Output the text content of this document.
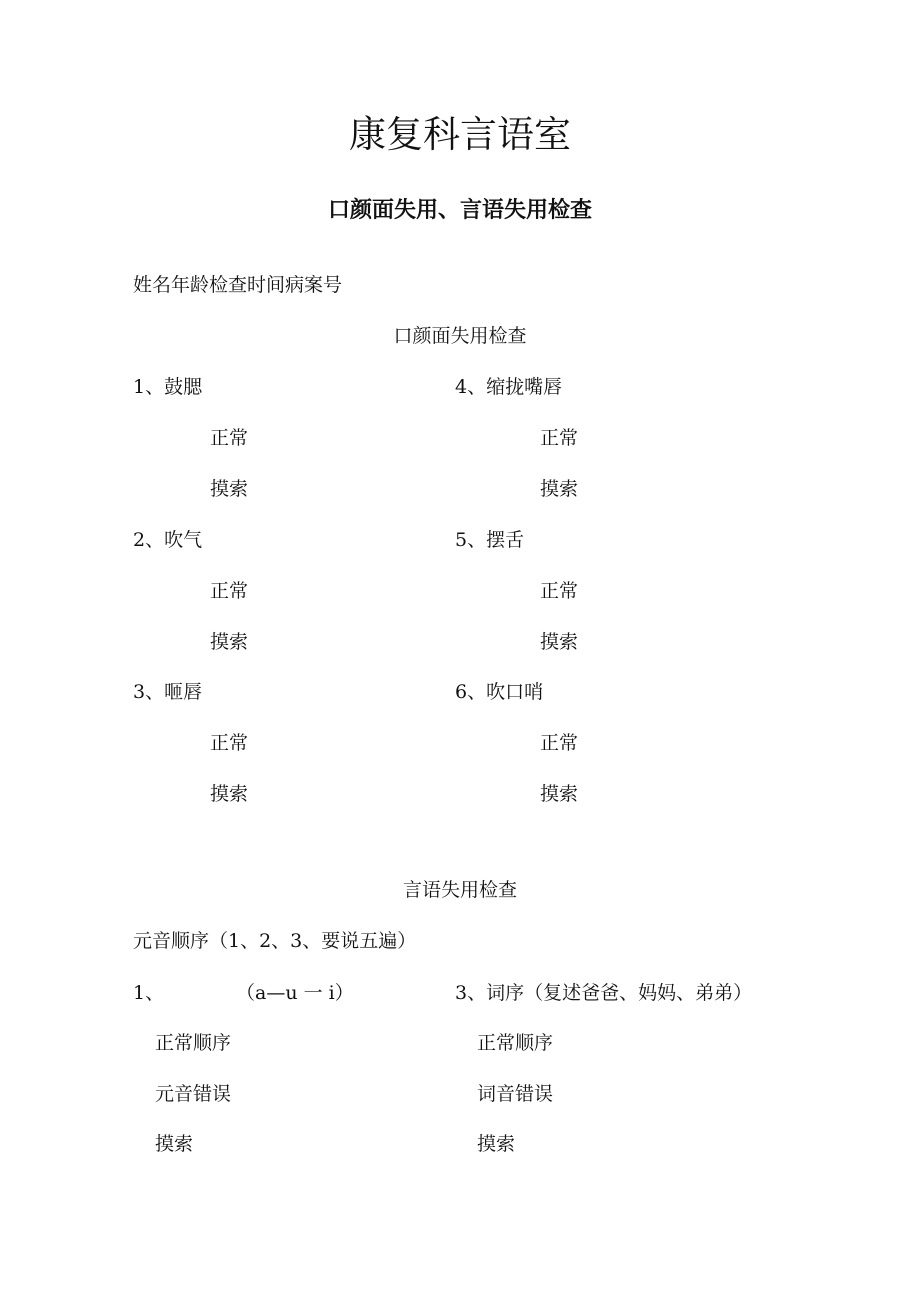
康复科言语室
口颜面失用、言语失用检查
姓名年龄检查时间病案号
口颜面失用检查
1、鼓腮
正常
摸索
2、吹气
正常
摸索
3、咂唇
正常
摸索
4、缩拢嘴唇
正常
摸索
5、摆舌
正常
摸索
6、吹口哨
正常
摸索
言语失用检查
元音顺序（1、2、3、要说五遍）
1、	（a—u 一 i）
正常顺序
元音错误
摸索
3、词序（复述爸爸、妈妈、弟弟）
正常顺序
词音错误
摸索
